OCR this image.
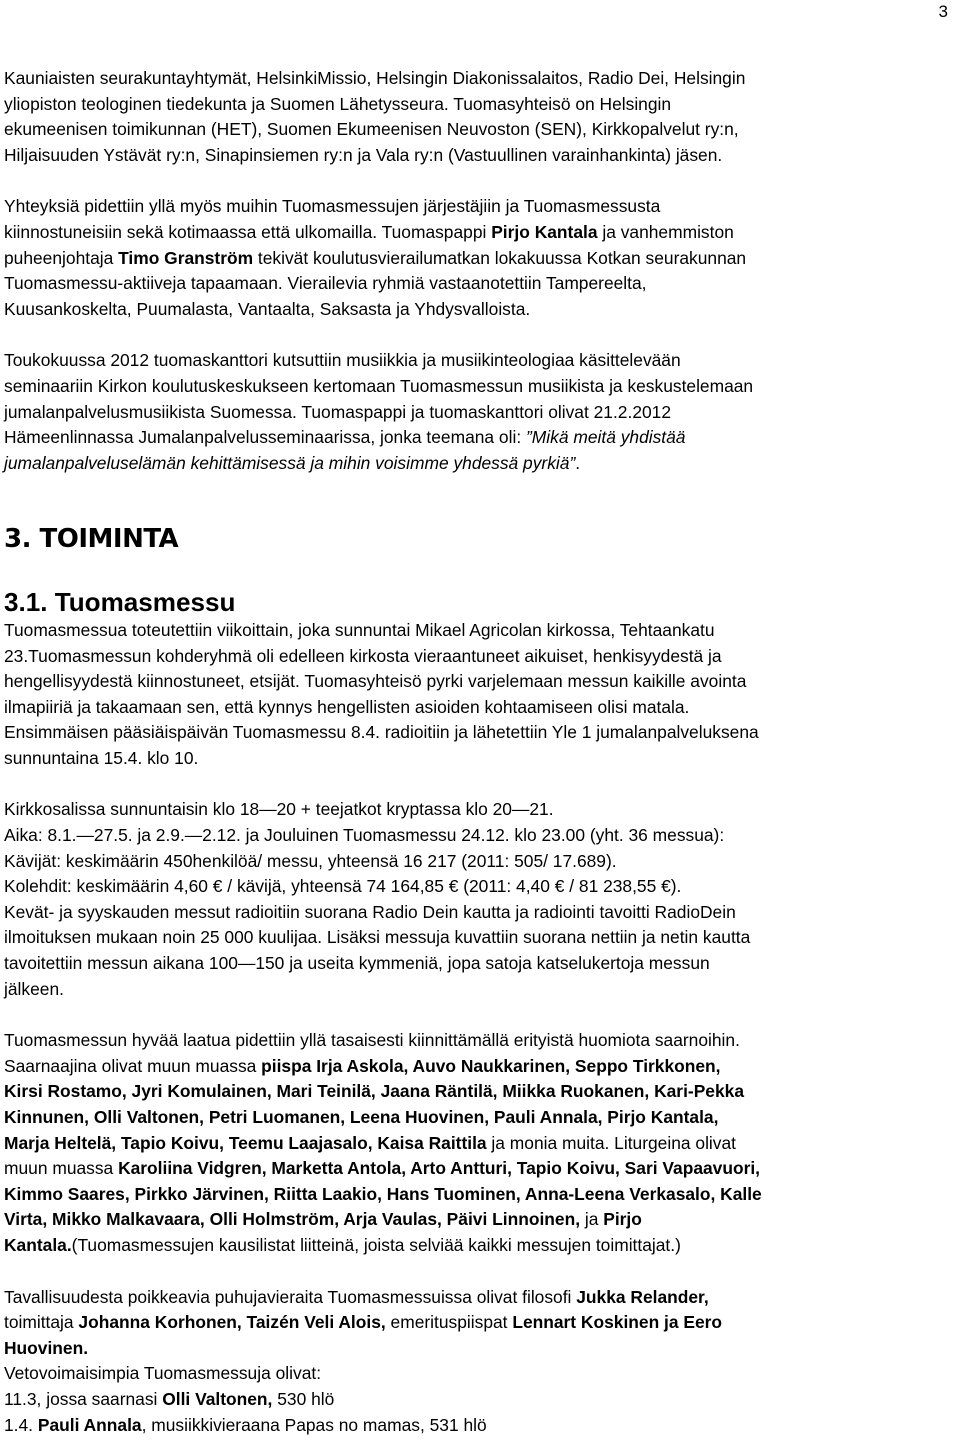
3

Kauniaisten seurakuntayhtymät, HelsinkiMissio, Helsingin Diakonissalaitos, Radio Dei, Helsingin

yliopiston teologinen tiedekunta ja Suomen Lähetysseura. Tuomasyhteisö on Helsingin

ekumeenisen toimikunnan (HET), Suomen Ekumeenisen Neuvoston (SEN), Kirkkopalvelut ry:n,

Hiljaisuuden Ystävät ry:n, Sinapinsiemen ry:n ja Vala ry:n (Vastuullinen varainhankinta) jäsen.

Yhteyksiä pidettiin yllä myös muihin Tuomasmessujen järjestäjiin ja Tuomasmessusta

kiinnostuneisiin sekä kotimaassa että ulkomailla. Tuomaspappi Pirjo Kantala ja vanhemmiston

puheenjohtaja Timo Granström tekivät koulutusvierailumatkan lokakuussa Kotkan seurakunnan

Tuomasmessu-aktiiveja tapaamaan. Vierailevia ryhmiä vastaanotettiin Tampereelta,

Kuusankoskelta, Puumalasta, Vantaalta, Saksasta ja Yhdysvalloista.

Toukokuussa 2012 tuomaskanttori kutsuttiin musiikkia ja musiikinteologiaa käsittelevään

seminaariin Kirkon koulutuskeskukseen kertomaan Tuomasmessun musiikista ja keskustelemaan

jumalanpalvelusmusiikista Suomessa. Tuomaspappi ja tuomaskanttori olivat 21.2.2012

Hämeenlinnassa Jumalanpalvelusseminaarissa, jonka teemana oli: ”Mikä meitä yhdistää

jumalanpalveluselämän kehittämisessä ja mihin voisimme yhdessä pyrkiä”.

3. TOIMINTA
3.1. Tuomasmessu

Tuomasmessua toteutettiin viikoittain, joka sunnuntai Mikael Agricolan kirkossa, Tehtaankatu

23.Tuomasmessun kohderyhmä oli edelleen kirkosta vieraantuneet aikuiset, henkisyydestä ja

hengellisyydestä kiinnostuneet, etsijät. Tuomasyhteisö pyrki varjelemaan messun kaikille avointa

ilmapiiriä ja takaamaan sen, että kynnys hengellisten asioiden kohtaamiseen olisi matala.

Ensimmäisen pääsiäispäivän Tuomasmessu 8.4. radioitiin ja lähetettiin Yle 1 jumalanpalveluksena

sunnuntaina 15.4. klo 10.

Kirkkosalissa sunnuntaisin klo 18—20 + teejatkot kryptassa klo 20—21.

Aika: 8.1.—27.5. ja 2.9.—2.12. ja Jouluinen Tuomasmessu 24.12. klo 23.00 (yht. 36 messua):

Kävijät: keskimäärin 450henkilöä/ messu, yhteensä 16 217 (2011: 505/ 17.689).

Kolehdit: keskimäärin 4,60 € / kävijä, yhteensä 74 164,85 € (2011: 4,40 € / 81 238,55 €).

Kevät- ja syyskauden messut radioitiin suorana Radio Dein kautta ja radiointi tavoitti RadioDein

ilmoituksen mukaan noin 25 000 kuulijaa. Lisäksi messuja kuvattiin suorana nettiin ja netin kautta

tavoitettiin messun aikana 100—150 ja useita kymmeniä, jopa satoja katselukertoja messun

jälkeen.

Tuomasmessun hyvää laatua pidettiin yllä tasaisesti kiinnittämällä erityistä huomiota saarnoihin.

Saarnaajina olivat muun muassa piispa Irja Askola, Auvo Naukkarinen, Seppo Tirkkonen,

Kirsi Rostamo, Jyri Komulainen, Mari Teinilä, Jaana Räntilä, Miikka Ruokanen, Kari-Pekka

Kinnunen, Olli Valtonen, Petri Luomanen, Leena Huovinen, Pauli Annala, Pirjo Kantala,

Marja Heltelä, Tapio Koivu, Teemu Laajasalo, Kaisa Raittila ja monia muita. Liturgeina olivat

muun muassa Karoliina Vidgren, Marketta Antola, Arto Antturi, Tapio Koivu, Sari Vapaavuori,

Kimmo Saares, Pirkko Järvinen, Riitta Laakio, Hans Tuominen, Anna-Leena Verkasalo, Kalle

Virta, Mikko Malkavaara, Olli Holmström, Arja Vaulas, Päivi Linnoinen, ja Pirjo

Kantala.(Tuomasmessujen kausilistat liitteinä, joista selviää kaikki messujen toimittajat.)

Tavallisuudesta poikkeavia puhujavieraita Tuomasmessuissa olivat filosofi Jukka Relander,

toimittaja Johanna Korhonen, Taizén Veli Alois, emerituspiispat Lennart Koskinen ja Eero

Huovinen.

Vetovoimaisimpia Tuomasmessuja olivat:

11.3, jossa saarnasi Olli Valtonen, 530 hlö

1.4. Pauli Annala, musiikkivieraana Papas no mamas, 531 hlö
